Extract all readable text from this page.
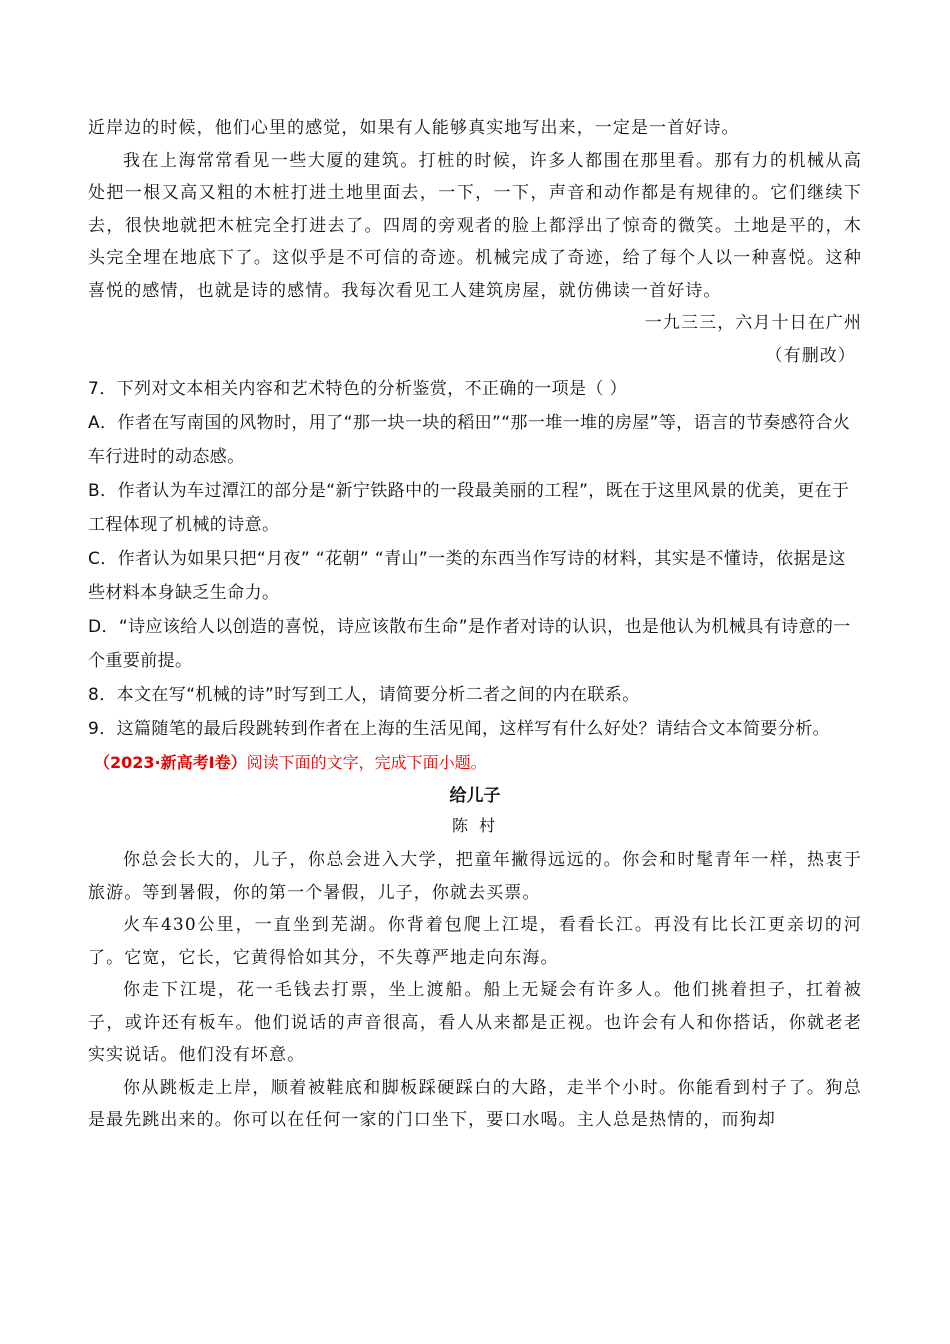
近岸边的时候，他们心里的感觉，如果有人能够真实地写出来，一定是一首好诗。

我在上海常常看见一些大厦的建筑。打桩的时候，许多人都围在那里看。那有力的机械从高处把一根又高又粗的木桩打进土地里面去，一下，一下，声音和动作都是有规律的。它们继续下去，很快地就把木桩完全打进去了。四周的旁观者的脸上都浮出了惊奇的微笑。土地是平的，木头完全埋在地底下了。这似乎是不可信的奇迹。机械完成了奇迹，给了每个人以一种喜悦。这种喜悦的感情，也就是诗的感情。我每次看见工人建筑房屋，就仿佛读一首好诗。

一九三三，六月十日在广州

（有删改）

7．下列对文本相关内容和艺术特色的分析鉴赏，不正确的一项是（ ）

A．作者在写南国的风物时，用了“那一块一块的稻田”“那一堆一堆的房屋”等，语言的节奏感符合火车行进时的动态感。

B．作者认为车过潭江的部分是“新宁铁路中的一段最美丽的工程”，既在于这里风景的优美，更在于工程体现了机械的诗意。

C．作者认为如果只把“月夜” “花朝” “青山”一类的东西当作写诗的材料，其实是不懂诗，依据是这些材料本身缺乏生命力。

D．“诗应该给人以创造的喜悦，诗应该散布生命”是作者对诗的认识，也是他认为机械具有诗意的一个重要前提。

8．本文在写“机械的诗”时写到工人，请简要分析二者之间的内在联系。

9．这篇随笔的最后段跳转到作者在上海的生活见闻，这样写有什么好处？请结合文本简要分析。

（2023·新高考Ⅰ卷）阅读下面的文字，完成下面小题。

给儿子

陈 村

你总会长大的，儿子，你总会进入大学，把童年撇得远远的。你会和时髦青年一样，热衷于旅游。等到暑假，你的第一个暑假，儿子，你就去买票。

火车430公里，一直坐到芜湖。你背着包爬上江堤，看看长江。再没有比长江更亲切的河了。它宽，它长，它黄得恰如其分，不失尊严地走向东海。

你走下江堤，花一毛钱去打票，坐上渡船。船上无疑会有许多人。他们挑着担子，扛着被子，或许还有板车。他们说话的声音很高，看人从来都是正视。也许会有人和你搭话，你就老老实实说话。他们没有坏意。

你从跳板走上岸，顺着被鞋底和脚板踩硬踩白的大路，走半个小时。你能看到村子了。狗总是最先跳出来的。你可以在任何一家的门口坐下，要口水喝。主人总是热情的，而狗却
